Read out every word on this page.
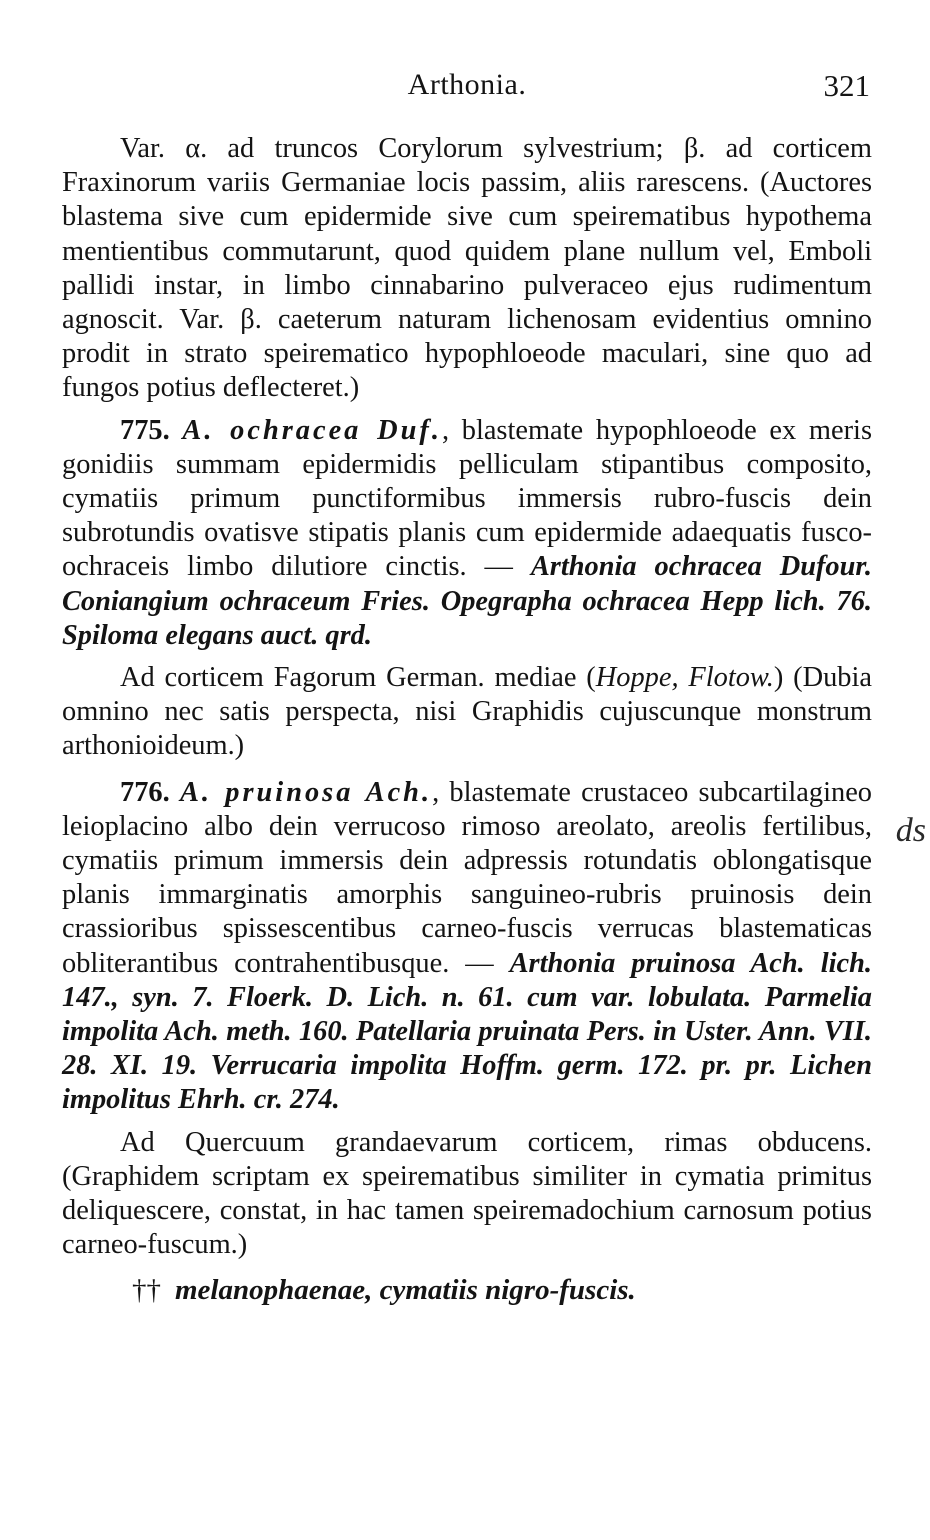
Arthonia.	321

Var. α. ad truncos Corylorum sylvestrium; β. ad corticem Fraxinorum variis Germaniae locis passim, aliis rarescens. (Auctores blastema sive cum epidermide sive cum speirematibus hypothema mentientibus commutarunt, quod quidem plane nullum vel, Emboli pallidi instar, in limbo cinnabarino pulveraceo ejus rudimentum agnoscit. Var. β. caeterum naturam lichenosam evidentius omnino prodit in strato speirematico hypophloeode maculari, sine quo ad fungos potius deflecteret.)

775. A. ochracea Duf., blastemate hypophloeode ex meris gonidiis summam epidermidis pelliculam stipantibus composito, cymatiis primum punctiformibus immersis rubro-fuscis dein subrotundis ovatisve stipatis planis cum epidermide adaequatis fusco-ochraceis limbo dilutiore cinctis. — Arthonia ochracea Dufour. Coniangium ochraceum Fries. Opegrapha ochracea Hepp lich. 76. Spiloma elegans auct. qrd.

Ad corticem Fagorum German. mediae (Hoppe, Flotow.) (Dubia omnino nec satis perspecta, nisi Graphidis cujuscunque monstrum arthonioideum.)

776. A. pruinosa Ach., blastemate crustaceo subcartilagineo leioplacino albo dein verrucoso rimoso areolato, areolis fertilibus, cymatiis primum immersis dein adpressis rotundatis oblongatisque planis immarginatis amorphis sanguineo-rubris pruinosis dein crassioribus spissescentibus carneo-fuscis verrucas blastematicas obliterantibus contrahentibusque. — Arthonia pruinosa Ach. lich. 147., syn. 7. Floerk. D. Lich. n. 61. cum var. lobulata. Parmelia impolita Ach. meth. 160. Patellaria pruinata Pers. in Uster. Ann. VII. 28. XI. 19. Verrucaria impolita Hoffm. germ. 172. pr. pr. Lichen impolitus Ehrh. cr. 274.

Ad Quercuum grandaevarum corticem, rimas obducens. (Graphidem scriptam ex speirematibus similiter in cymatia primitus deliquescere, constat, in hac tamen speiremadochium carnosum potius carneo-fuscum.)

†† melanophaenae, cymatiis nigro-fuscis.

ds
